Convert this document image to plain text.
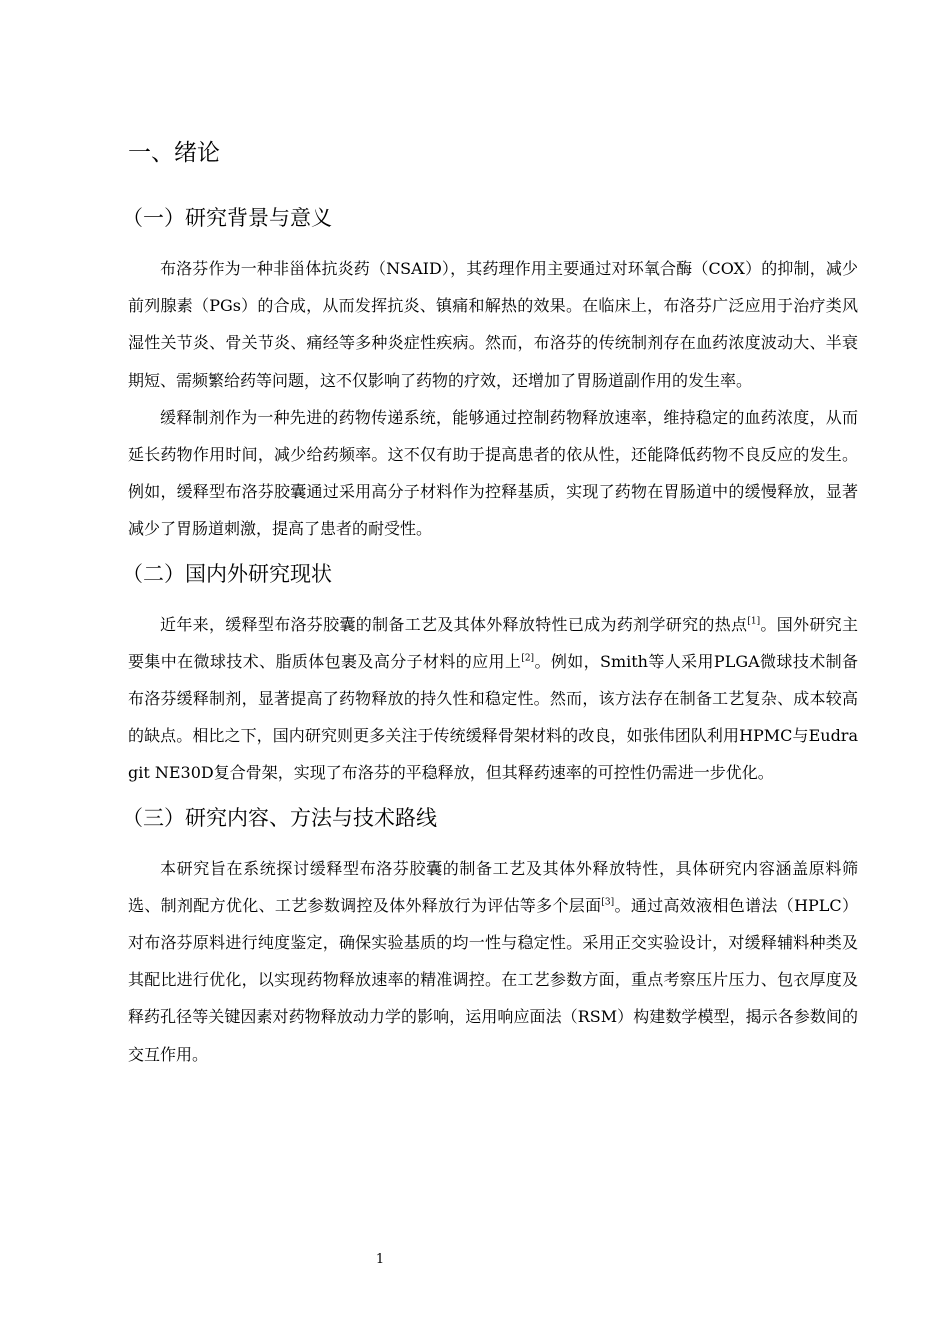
一、绪论
（一）研究背景与意义

布洛芬作为一种非甾体抗炎药（NSAID），其药理作用主要通过对环氧合酶（COX）的抑制，减少前列腺素（PGs）的合成，从而发挥抗炎、镇痛和解热的效果。在临床上，布洛芬广泛应用于治疗类风湿性关节炎、骨关节炎、痛经等多种炎症性疾病。然而，布洛芬的传统制剂存在血药浓度波动大、半衰期短、需频繁给药等问题，这不仅影响了药物的疗效，还增加了胃肠道副作用的发生率。

缓释制剂作为一种先进的药物传递系统，能够通过控制药物释放速率，维持稳定的血药浓度，从而延长药物作用时间，减少给药频率。这不仅有助于提高患者的依从性，还能降低药物不良反应的发生。例如，缓释型布洛芬胶囊通过采用高分子材料作为控释基质，实现了药物在胃肠道中的缓慢释放，显著减少了胃肠道刺激，提高了患者的耐受性。

（二）国内外研究现状

近年来，缓释型布洛芬胶囊的制备工艺及其体外释放特性已成为药剂学研究的热点[1]。国外研究主要集中在微球技术、脂质体包裹及高分子材料的应用上[2]。例如，Smith等人采用PLGA微球技术制备布洛芬缓释制剂，显著提高了药物释放的持久性和稳定性。然而，该方法存在制备工艺复杂、成本较高的缺点。相比之下，国内研究则更多关注于传统缓释骨架材料的改良，如张伟团队利用HPMC与Eudragit NE30D复合骨架，实现了布洛芬的平稳释放，但其释药速率的可控性仍需进一步优化。

（三）研究内容、方法与技术路线

本研究旨在系统探讨缓释型布洛芬胶囊的制备工艺及其体外释放特性，具体研究内容涵盖原料筛选、制剂配方优化、工艺参数调控及体外释放行为评估等多个层面[3]。通过高效液相色谱法（HPLC）对布洛芬原料进行纯度鉴定，确保实验基质的均一性与稳定性。采用正交实验设计，对缓释辅料种类及其配比进行优化，以实现药物释放速率的精准调控。在工艺参数方面，重点考察压片压力、包衣厚度及释药孔径等关键因素对药物释放动力学的影响，运用响应面法（RSM）构建数学模型，揭示各参数间的交互作用。

1
